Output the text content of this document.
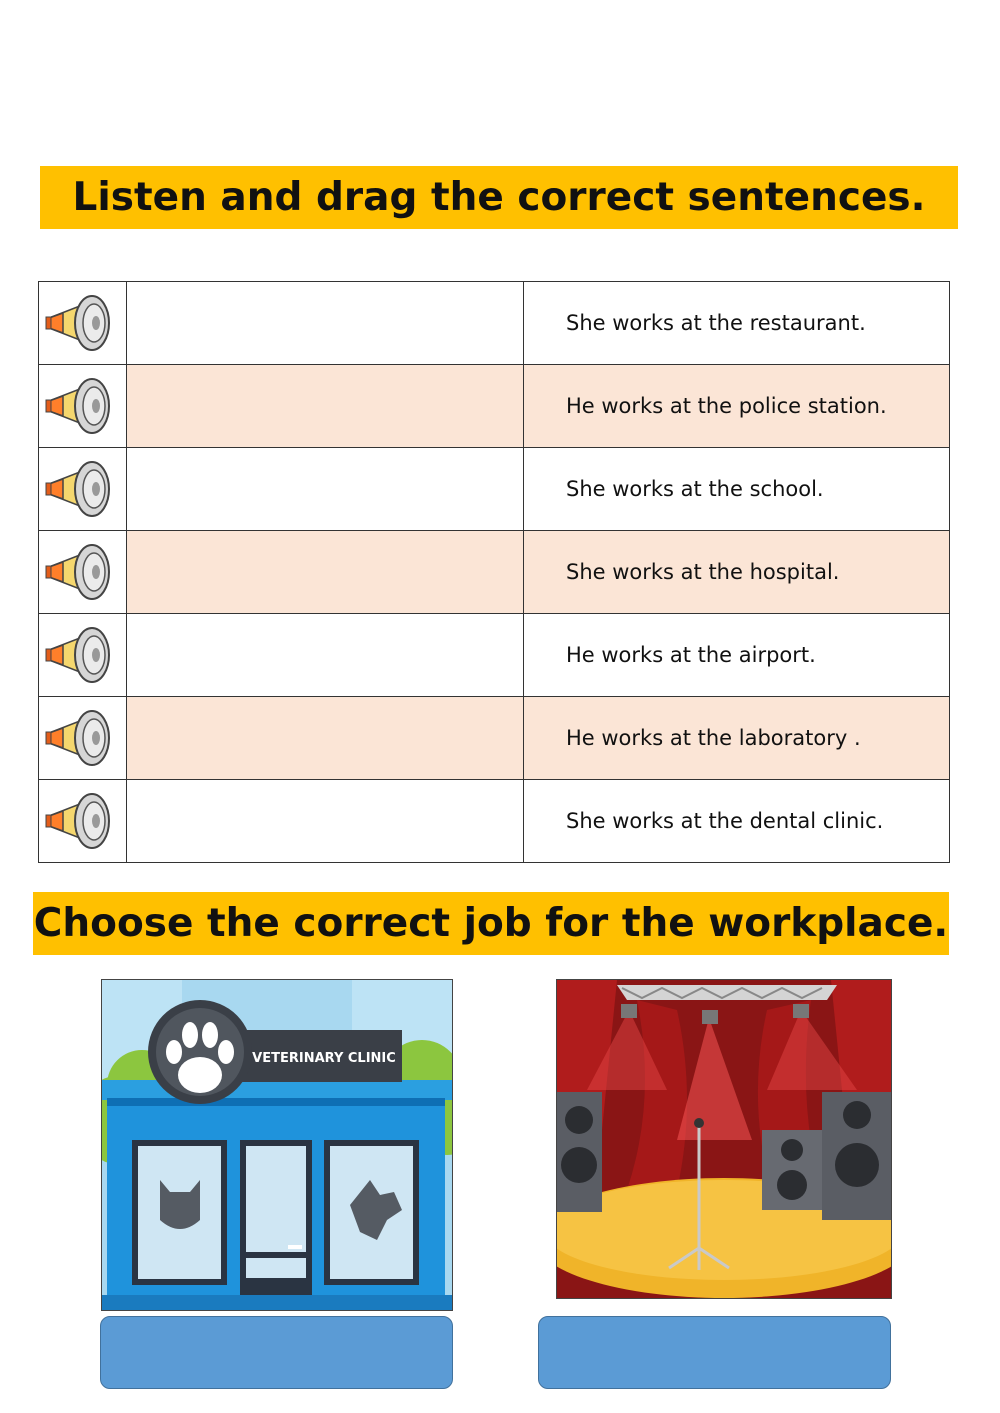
Listen and drag the correct sentences.
		She works at the restaurant.

		He works at the police station.

		She works at the school.

		She works at the hospital.

		He works at the airport.

		He works at the laboratory .

		She works at the dental clinic.
Choose the correct job for the workplace.
VETERINARY CLINIC
